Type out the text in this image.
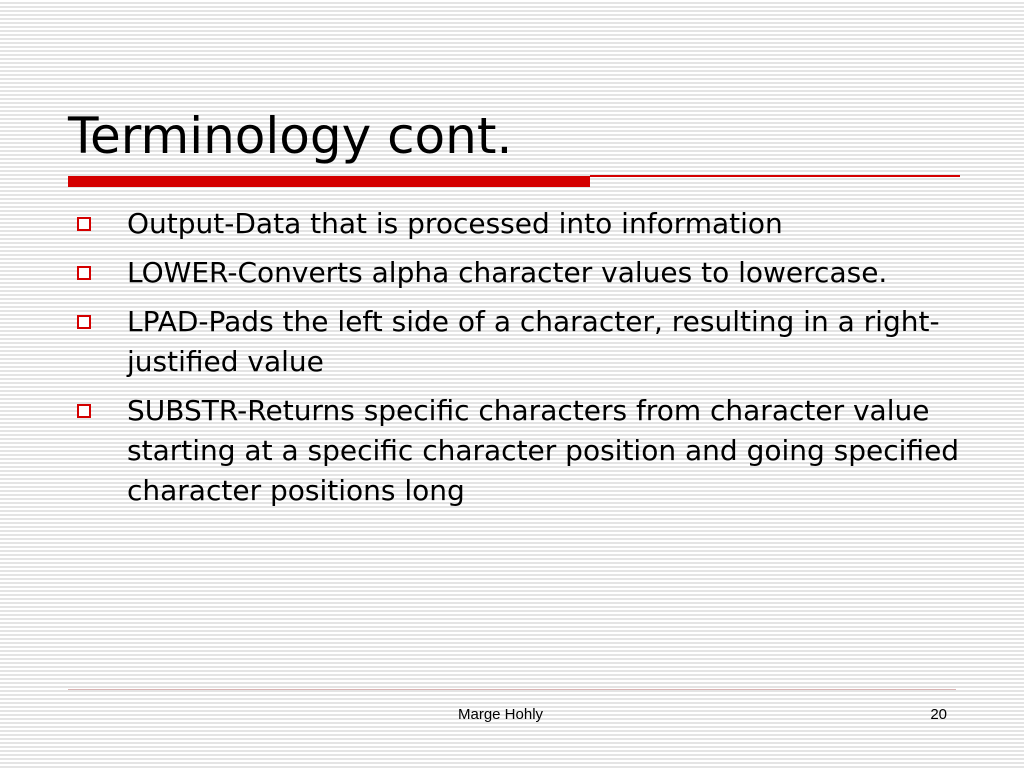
Terminology cont.
Output-Data that is processed into information
LOWER-Converts alpha character values to lowercase.
LPAD-Pads the left side of a character, resulting in a right-justified value
SUBSTR-Returns specific characters from character value starting at a specific character position and going specified character positions long
Marge Hohly	20
